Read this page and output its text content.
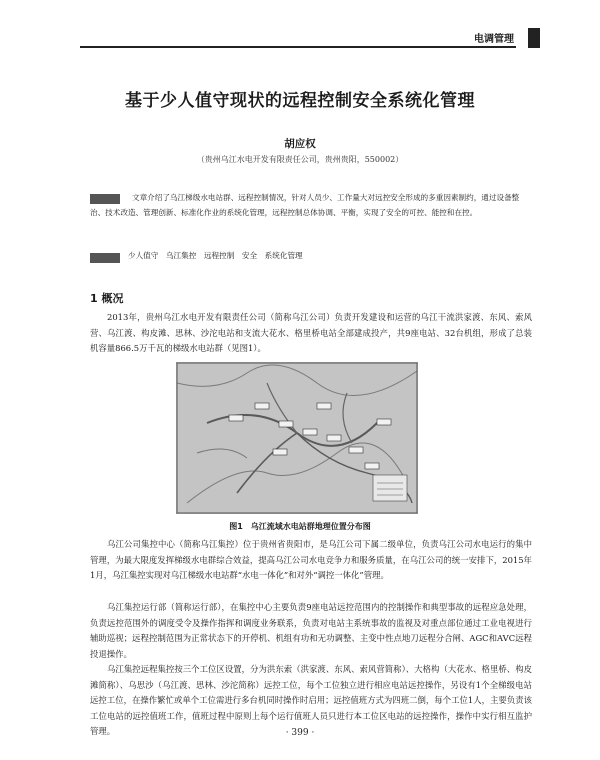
电调管理
基于少人值守现状的远程控制安全系统化管理
胡应权
（贵州乌江水电开发有限责任公司，贵州贵阳，550002）
文章介绍了乌江梯级水电站群、远程控制情况，针对人员少、工作量大对远控安全形成的多重因素制约，通过设备整治、技术改造、管理创新、标准化作业的系统化管理，远程控制总体协调、平衡，实现了安全的可控、能控和在控。
少人值守　乌江集控　远程控制　安全　系统化管理
1 概况
2013年，贵州乌江水电开发有限责任公司（简称乌江公司）负责开发建设和运营的乌江干流洪家渡、东风、索风营、乌江渡、构皮滩、思林、沙沱电站和支流大花水、格里桥电站全部建成投产，共9座电站、32台机组，形成了总装机容量866.5万千瓦的梯级水电站群（见图1）。
图1　乌江流域水电站群地理位置分布图
乌江公司集控中心（简称乌江集控）位于贵州省贵阳市，是乌江公司下属二级单位，负责乌江公司水电运行的集中管理，为最大限度发挥梯级水电群综合效益，提高乌江公司水电竞争力和服务质量，在乌江公司的统一安排下，2015年1月，乌江集控实现对乌江梯级水电站群“水电一体化”和对外“调控一体化”管理。
乌江集控运行部（简称运行部），在集控中心主要负责9座电站远控范围内的控制操作和典型事故的远程应急处理，负责远控范围外的调度受令及操作指挥和调度业务联系，负责对电站主系统事故的监视及对重点部位通过工业电视进行辅助巡视；远程控制范围为正常状态下的开停机、机组有功和无功调整、主变中性点地刀远程分合闸、AGC和AVC远程投退操作。
乌江集控远程集控按三个工位区设置，分为洪东索（洪家渡、东风、索风营简称）、大格构（大花水、格里桥、构皮滩简称）、乌思沙（乌江渡、思林、沙沱简称）远控工位，每个工位独立进行相应电站远控操作，另设有1个全梯级电站远控工位，在操作繁忙或单个工位需进行多台机同时操作时启用；远控值班方式为四班二倒，每个工位1人，主要负责该工位电站的远控值班工作，值班过程中原则上每个运行值班人员只进行本工位区电站的远控操作，操作中实行相互监护管理。	· 399 ·
